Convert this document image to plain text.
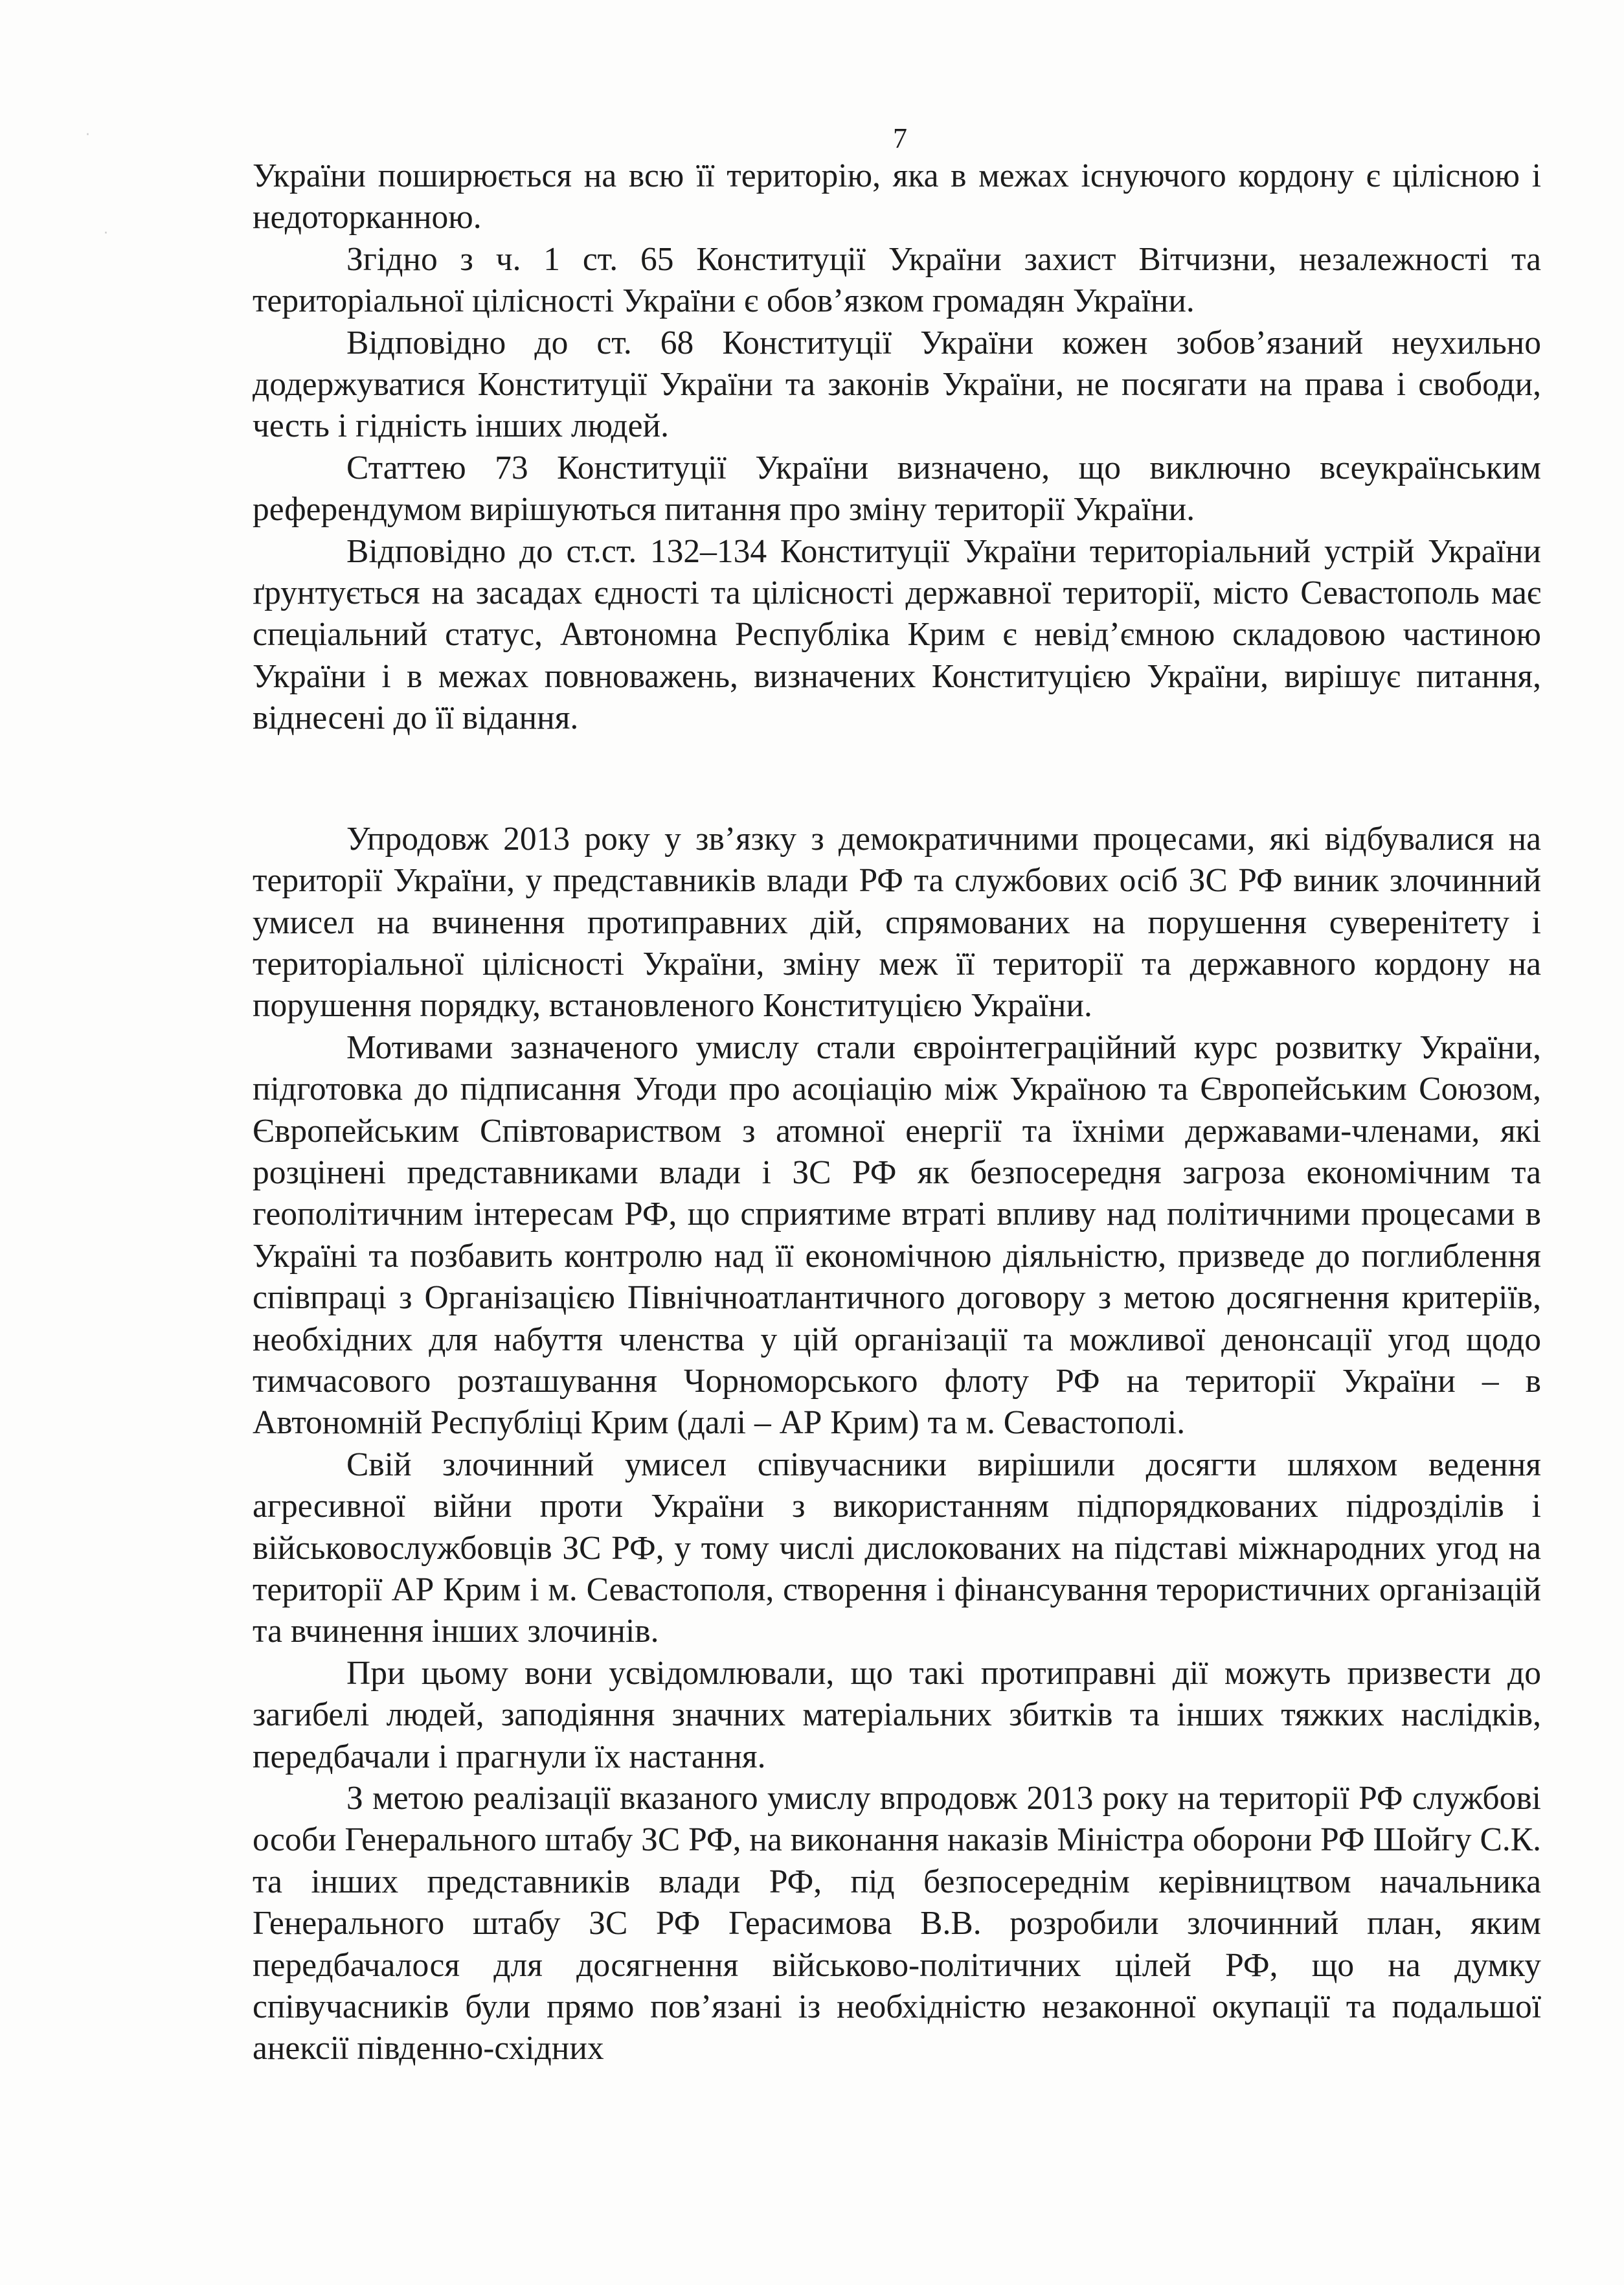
·
·
7

України поширюється на всю її територію, яка в межах існуючого кордону є цілісною і недоторканною.

Згідно з ч. 1 ст. 65 Конституції України захист Вітчизни, незалежності та територіальної цілісності України є обов’язком громадян України.

Відповідно до ст. 68 Конституції України кожен зобов’язаний неухильно додержуватися Конституції України та законів України, не посягати на права і свободи, честь і гідність інших людей.

Статтею 73 Конституції України визначено, що виключно всеукраїнським референдумом вирішуються питання про зміну території України.

Відповідно до ст.ст. 132–134 Конституції України територіальний устрій України ґрунтується на засадах єдності та цілісності державної території, місто Севастополь має спеціальний статус, Автономна Республіка Крим є невід’ємною складовою частиною України і в межах повноважень, визначених Конституцією України, вирішує питання, віднесені до її відання.

Упродовж 2013 року у зв’язку з демократичними процесами, які відбувалися на території України, у представників влади РФ та службових осіб ЗС РФ виник злочинний умисел на вчинення протиправних дій, спрямованих на порушення суверенітету і територіальної цілісності України, зміну меж її території та державного кордону на порушення порядку, встановленого Конституцією України.

Мотивами зазначеного умислу стали євроінтеграційний курс розвитку України, підготовка до підписання Угоди про асоціацію між Україною та Європейським Союзом, Європейським Співтовариством з атомної енергії та їхніми державами-членами, які розцінені представниками влади і ЗС РФ як безпосередня загроза економічним та геополітичним інтересам РФ, що сприятиме втраті впливу над політичними процесами в Україні та позбавить контролю над її економічною діяльністю, призведе до поглиблення співпраці з Організацією Північноатлантичного договору з метою досягнення критеріїв, необхідних для набуття членства у цій організації та можливої денонсації угод щодо тимчасового розташування Чорноморського флоту РФ на території України – в Автономній Республіці Крим (далі – АР Крим) та м. Севастополі.

Свій злочинний умисел співучасники вирішили досягти шляхом ведення агресивної війни проти України з використанням підпорядкованих підрозділів і військовослужбовців ЗС РФ, у тому числі дислокованих на підставі міжнародних угод на території АР Крим і м. Севастополя, створення і фінансування терористичних організацій та вчинення інших злочинів.

При цьому вони усвідомлювали, що такі протиправні дії можуть призвести до загибелі людей, заподіяння значних матеріальних збитків та інших тяжких наслідків, передбачали і прагнули їх настання.

З метою реалізації вказаного умислу впродовж 2013 року на території РФ службові особи Генерального штабу ЗС РФ, на виконання наказів Міністра оборони РФ Шойгу С.К. та інших представників влади РФ, під безпосереднім керівництвом начальника Генерального штабу ЗС РФ Герасимова В.В. розробили злочинний план, яким передбачалося для досягнення військово-політичних цілей РФ, що на думку співучасників були прямо пов’язані із необхідністю незаконної окупації та подальшої анексії південно-східних
